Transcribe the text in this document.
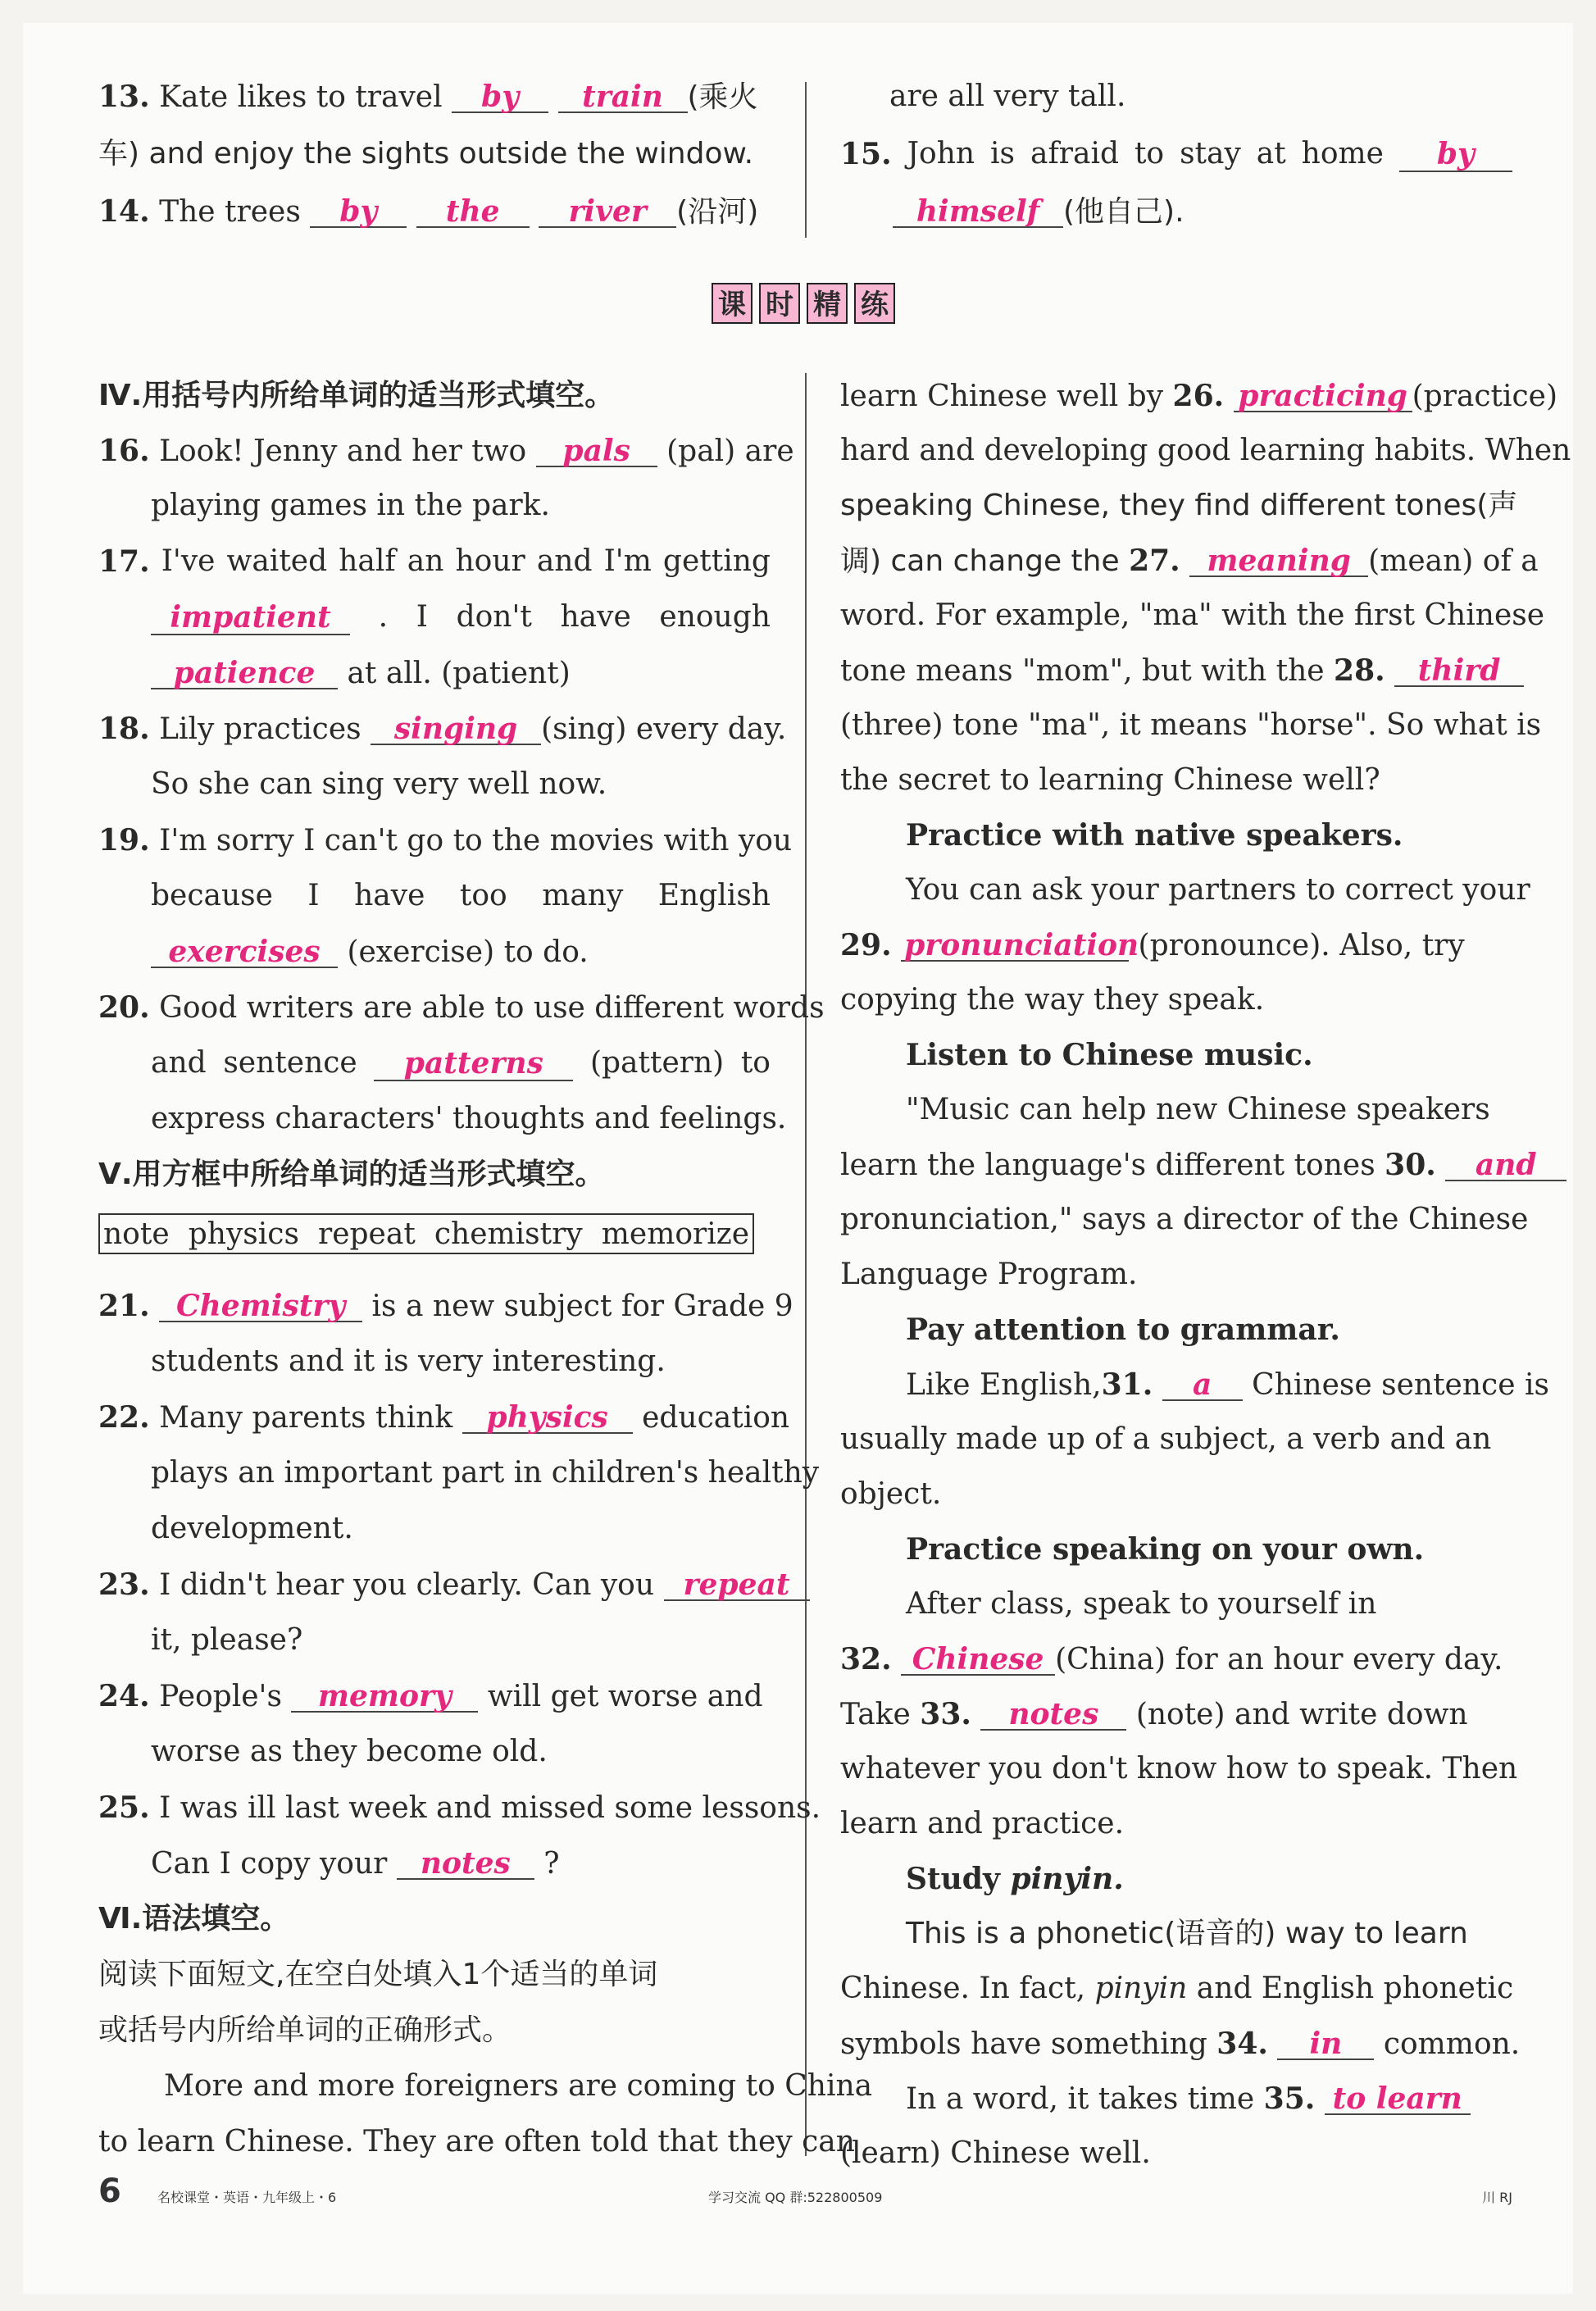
13. Kate likes to travel by train (乘火
车) and enjoy the sights outside the window.
14. The trees by the river (沿河)
are all very tall.
15. John is afraid to stay at home	by
himself (他自己).
课 时 精 练
Ⅳ.用括号内所给单词的适当形式填空。
16. Look! Jenny and her two pals (pal) are
playing games in the park.
17. I've waited half an hour and I'm getting
impatient	. I don't have enough
patience at all. (patient)
18. Lily practices singing (sing) every day.
So she can sing very well now.
19. I'm sorry I can't go to the movies with you
because I have too many English
exercises (exercise) to do.
20. Good writers are able to use different words
and sentence	patterns	(pattern) to
express characters' thoughts and feelings.
Ⅴ.用方框中所给单词的适当形式填空。
note physics repeat chemistry memorize
21. Chemistry is a new subject for Grade 9
students and it is very interesting.
22. Many parents think physics education
plays an important part in children's healthy
development.
23. I didn't hear you clearly. Can you repeat
it, please?
24. People's memory will get worse and
worse as they become old.
25. I was ill last week and missed some lessons.
Can I copy your notes ?
Ⅵ.语法填空。
阅读下面短文,在空白处填入1个适当的单词
或括号内所给单词的正确形式。
More and more foreigners are coming to China
to learn Chinese. They are often told that they can
learn Chinese well by 26. practicing (practice)
hard and developing good learning habits. When
speaking Chinese, they find different tones(声
调) can change the 27. meaning (mean) of a
word. For example, "ma" with the first Chinese
tone means "mom", but with the 28. third
(three) tone "ma", it means "horse". So what is
the secret to learning Chinese well?
Practice with native speakers.
You can ask your partners to correct your
29. pronunciation (pronounce). Also, try
copying the way they speak.
Listen to Chinese music.
"Music can help new Chinese speakers
learn the language's different tones 30. and
pronunciation," says a director of the Chinese
Language Program.
Pay attention to grammar.
Like English,31. a Chinese sentence is
usually made up of a subject, a verb and an
object.
Practice speaking on your own.
After class, speak to yourself in
32. Chinese (China) for an hour every day.
Take 33. notes (note) and write down
whatever you don't know how to speak. Then
learn and practice.
Study pinyin.
This is a phonetic(语音的) way to learn
Chinese. In fact, pinyin and English phonetic
symbols have something 34. in common.
In a word, it takes time 35. to learn
(learn) Chinese well.
6	名校课堂・英语・九年级上・6	学习交流 QQ 群:522800509	川 RJ
